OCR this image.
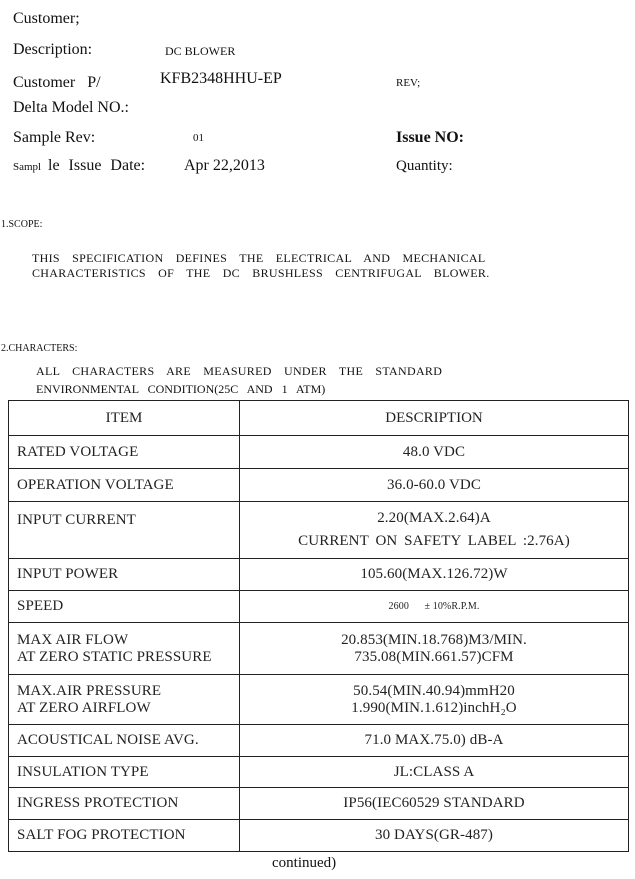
Customer;
Description:	DC BLOWER
Customer P/	KFB2348HHU-EP	REV;
Delta Model NO.:
Sample Rev:	01	Issue NO:
Sampl le Issue Date: Apr 22,2013	Quantity:
1.SCOPE:
THIS SPECIFICATION DEFINES THE ELECTRICAL AND MECHANICAL
CHARACTERISTICS OF THE DC BRUSHLESS CENTRIFUGAL BLOWER.
2.CHARACTERS:
ALL CHARACTERS ARE MEASURED UNDER THE STANDARD
ENVIRONMENTAL CONDITION(25C AND 1 ATM)
ITEM	DESCRIPTION
RATED VOLTAGE	48.0 VDC
OPERATION VOLTAGE	36.0-60.0 VDC
INPUT CURRENT	2.20(MAX.2.64)A
CURRENT ON SAFETY LABEL :2.76A)

INPUT POWER	105.60(MAX.126.72)W
SPEED	2600      ± 10%R.P.M.

MAX AIR FLOW
AT ZERO STATIC PRESSURE	20.853(MIN.18.768)M3/MIN.
735.08(MIN.661.57)CFM

MAX.AIR PRESSURE
AT ZERO AIRFLOW	50.54(MIN.40.94)mmH20
1.990(MIN.1.612)inchH₂O

ACOUSTICAL NOISE AVG.	71.0 MAX.75.0) dB-A
INSULATION TYPE	JL:CLASS A
INGRESS PROTECTION	IP56(IEC60529 STANDARD
SALT FOG PROTECTION	30 DAYS(GR-487)
continued)
